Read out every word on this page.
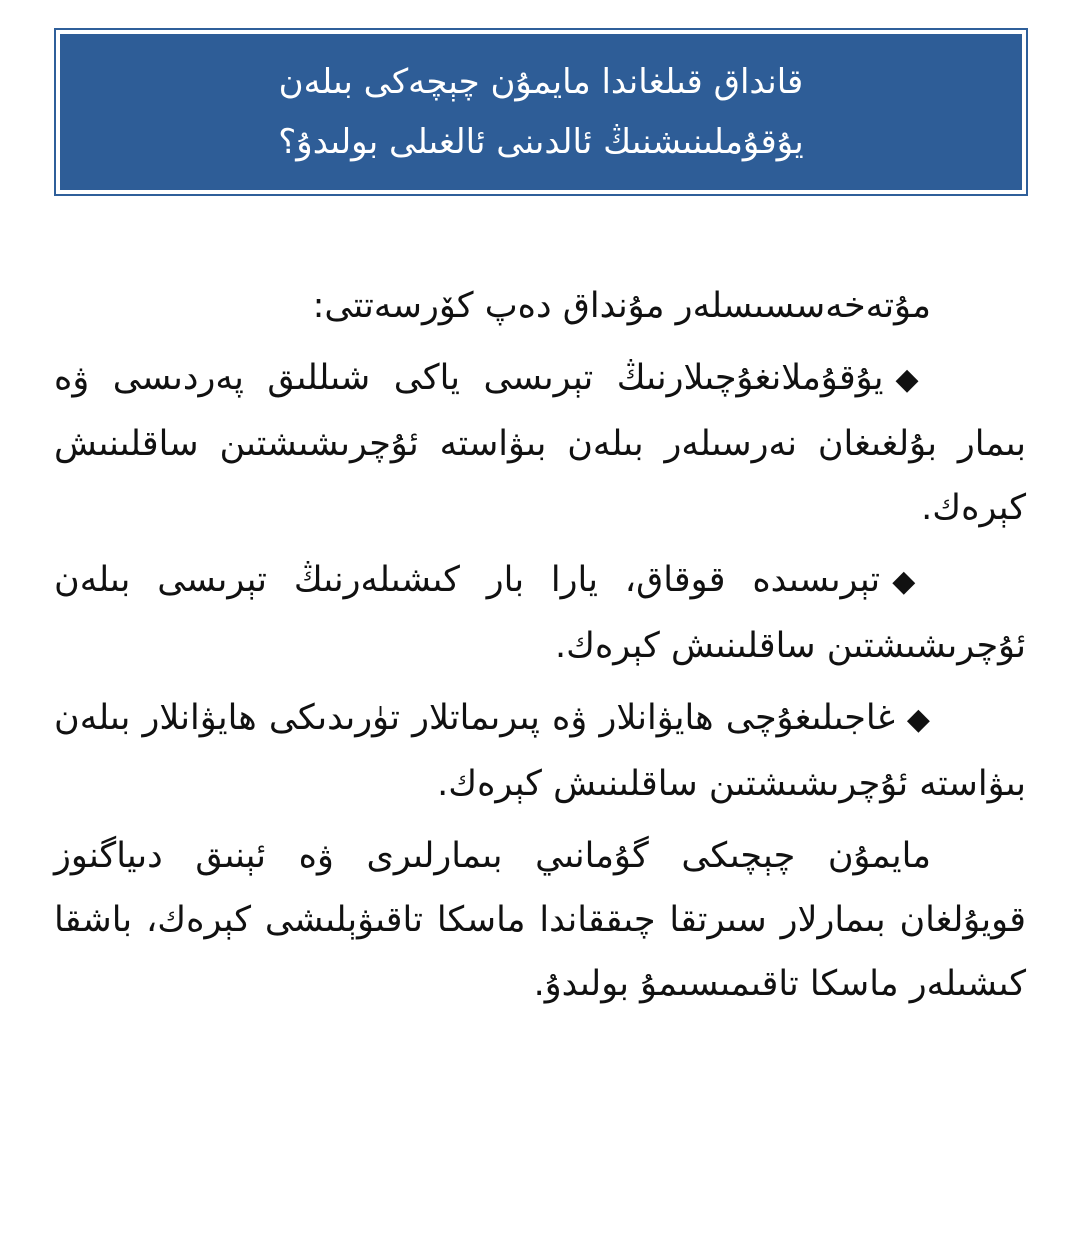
قانداق قىلغاندا مايمۇن چېچەكى بىلەن
يۇقۇملىنىشنىڭ ئالدىنى ئالغىلى بولىدۇ؟

مۇتەخەسسىسلەر مۇنداق دەپ كۆرسەتتى:

◆يۇقۇملانغۇچىلارنىڭ تېرىسى ياكى شىللىق پەردىسى ۋە بىمار بۇلغىغان نەرسىلەر بىلەن بىۋاستە ئۇچرىشىشتىن ساقلىنىش كېرەك.

◆تېرىسىدە قوقاق، يارا بار كىشىلەرنىڭ تېرىسى بىلەن ئۇچرىشىشتىن ساقلىنىش كېرەك.

◆غاجىلىغۇچى هايۋانلار ۋە پىرىماتلار تۈرىدىكى هايۋانلار بىلەن بىۋاستە ئۇچرىشىشتىن ساقلىنىش كېرەك.

مايمۇن چېچىكى گۇمانىي بىمارلىرى ۋە ئېنىق دىياگنوز قويۇلغان بىمارلار سىرتقا چىققاندا ماسكا تاقىۋېلىشى كېرەك، باشقا كىشىلەر ماسكا تاقىمىسىمۇ بولىدۇ.
